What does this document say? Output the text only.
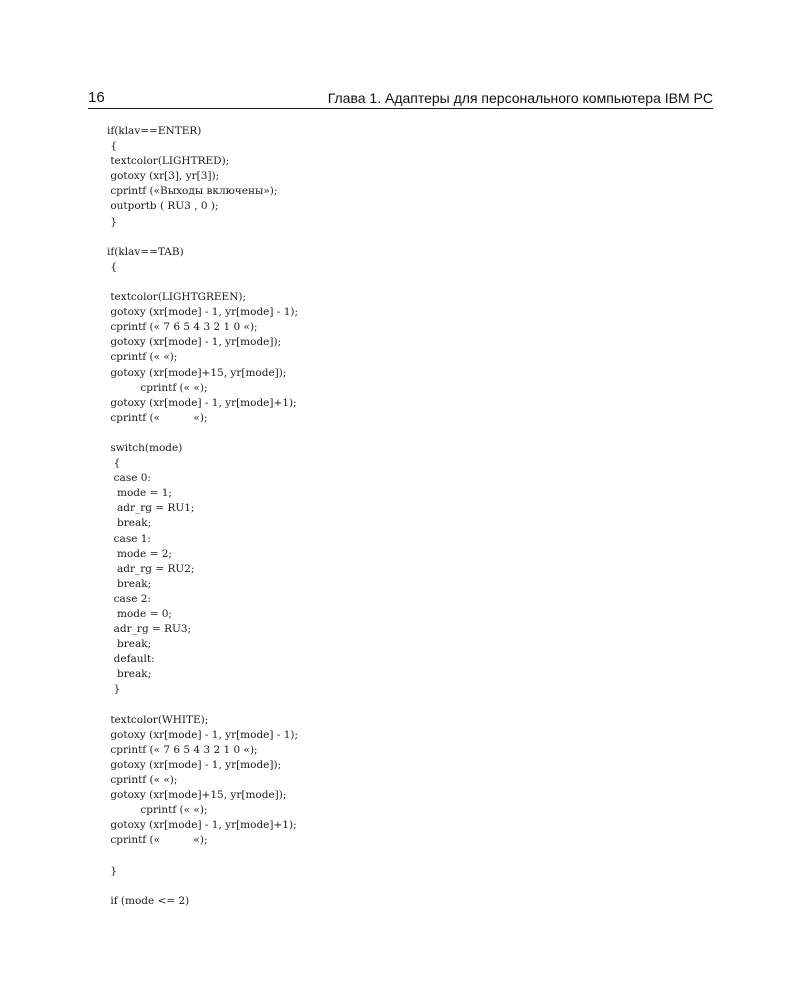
16	Глава 1. Адаптеры для персонального компьютера IBM PC
if(klav==ENTER)
{
textcolor(LIGHTRED);
gotoxy (xr[3], yr[3]);
cprintf («Выходы включены»);
outportb ( RU3 , 0 );
}
if(klav==TAB)
{
textcolor(LIGHTGREEN);
gotoxy (xr[mode] - 1, yr[mode] - 1);
cprintf (« 7 6 5 4 3 2 1 0 «);
gotoxy (xr[mode] - 1, yr[mode]);
cprintf (« «);
gotoxy (xr[mode]+15, yr[mode]);
cprintf (« «);
gotoxy (xr[mode] - 1, yr[mode]+1);
cprintf («          «);
switch(mode)
{
case 0:
mode = 1;
adr_rg = RU1;
break;
case 1:
mode = 2;
adr_rg = RU2;
break;
case 2:
mode = 0;
adr_rg = RU3;
break;
default:
break;
}
textcolor(WHITE);
gotoxy (xr[mode] - 1, yr[mode] - 1);
cprintf (« 7 6 5 4 3 2 1 0 «);
gotoxy (xr[mode] - 1, yr[mode]);
cprintf (« «);
gotoxy (xr[mode]+15, yr[mode]);
cprintf (« «);
gotoxy (xr[mode] - 1, yr[mode]+1);
cprintf («          «);
}
if (mode <= 2)
